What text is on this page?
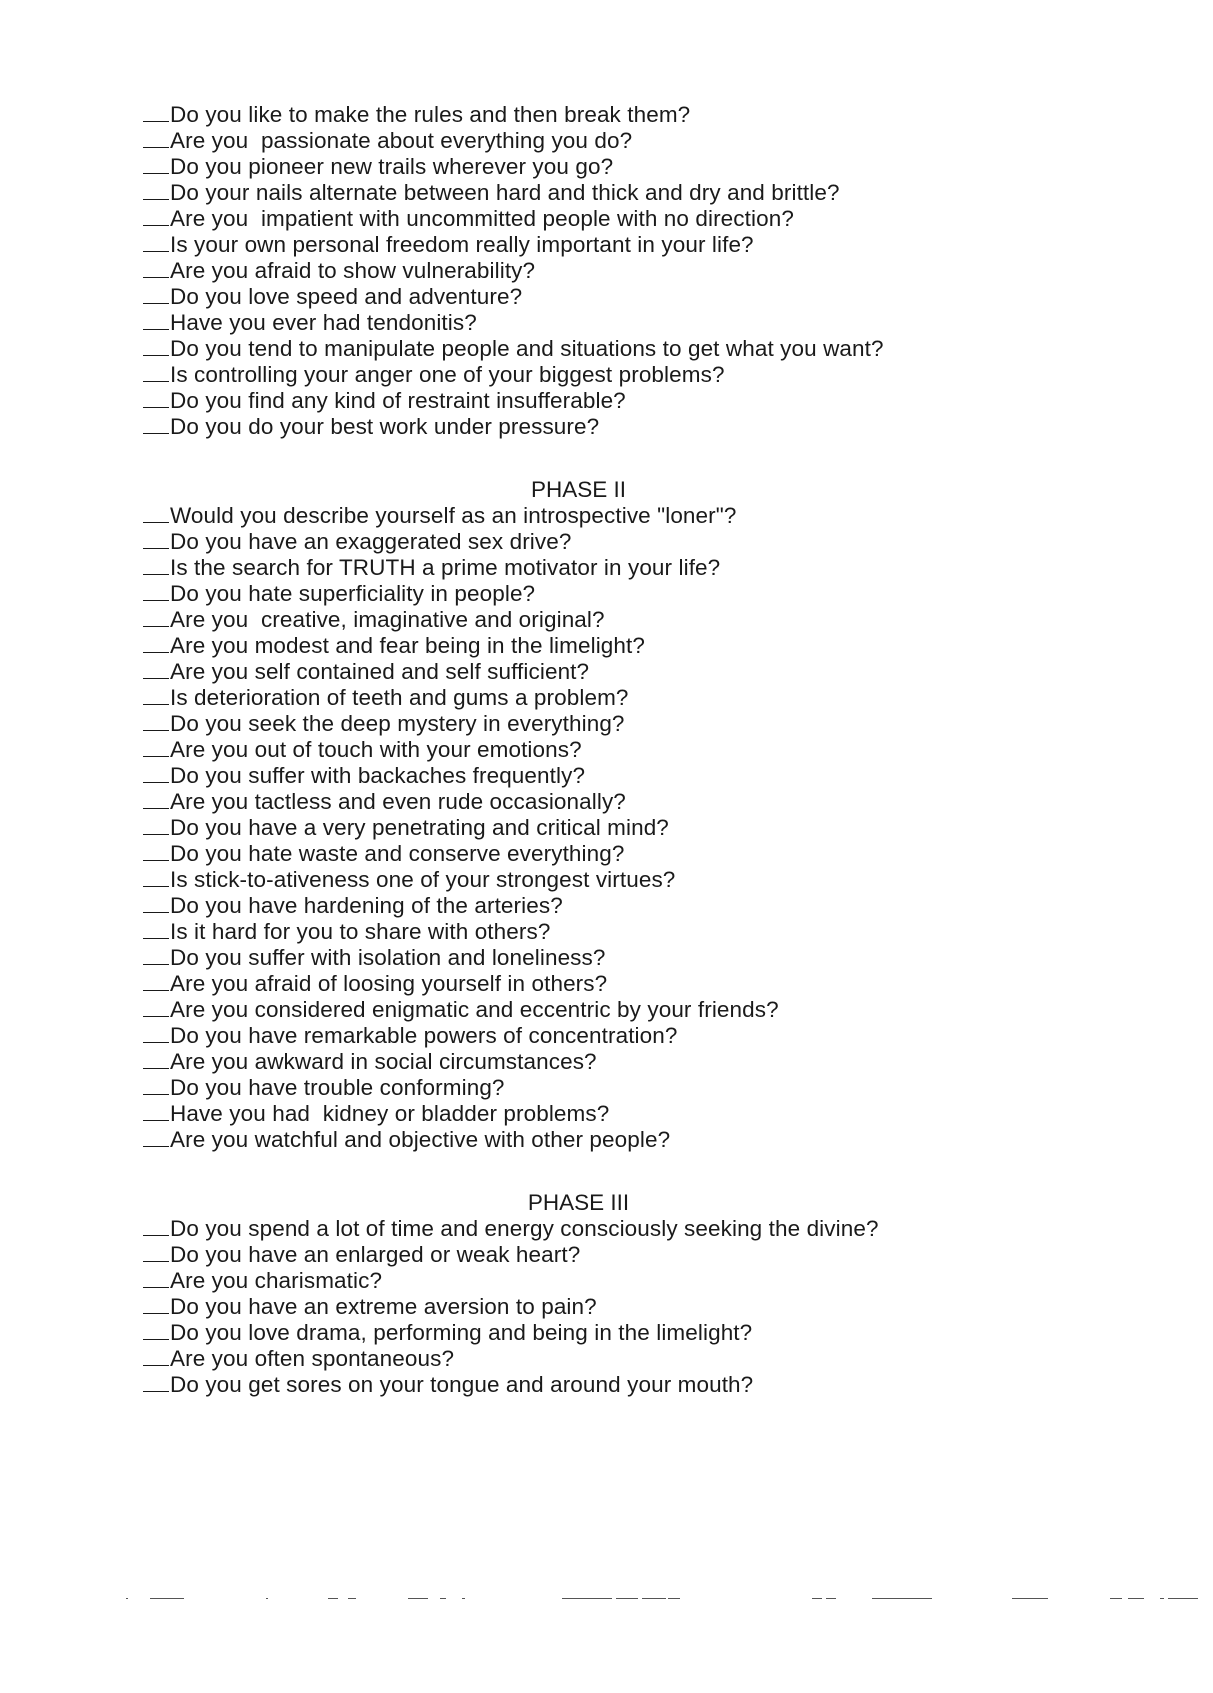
Do you like to make the rules and then break them?
Are you  passionate about everything you do?
Do you pioneer new trails wherever you go?
Do your nails alternate between hard and thick and dry and brittle?
Are you  impatient with uncommitted people with no direction?
Is your own personal freedom really important in your life?
Are you afraid to show vulnerability?
Do you love speed and adventure?
Have you ever had tendonitis?
Do you tend to manipulate people and situations to get what you want?
Is controlling your anger one of your biggest problems?
Do you find any kind of restraint insufferable?
Do you do your best work under pressure?
PHASE II
Would you describe yourself as an introspective "loner"?
Do you have an exaggerated sex drive?
Is the search for TRUTH a prime motivator in your life?
Do you hate superficiality in people?
Are you  creative, imaginative and original?
Are you modest and fear being in the limelight?
Are you self contained and self sufficient?
Is deterioration of teeth and gums a problem?
Do you seek the deep mystery in everything?
Are you out of touch with your emotions?
Do you suffer with backaches frequently?
Are you tactless and even rude occasionally?
Do you have a very penetrating and critical mind?
Do you hate waste and conserve everything?
Is stick-to-ativeness one of your strongest virtues?
Do you have hardening of the arteries?
Is it hard for you to share with others?
Do you suffer with isolation and loneliness?
Are you afraid of loosing yourself in others?
Are you considered enigmatic and eccentric by your friends?
Do you have remarkable powers of concentration?
Are you awkward in social circumstances?
Do you have trouble conforming?
Have you had  kidney or bladder problems?
Are you watchful and objective with other people?
PHASE III
Do you spend a lot of time and energy consciously seeking the divine?
Do you have an enlarged or weak heart?
Are you charismatic?
Do you have an extreme aversion to pain?
Do you love drama, performing and being in the limelight?
Are you often spontaneous?
Do you get sores on your tongue and around your mouth?
